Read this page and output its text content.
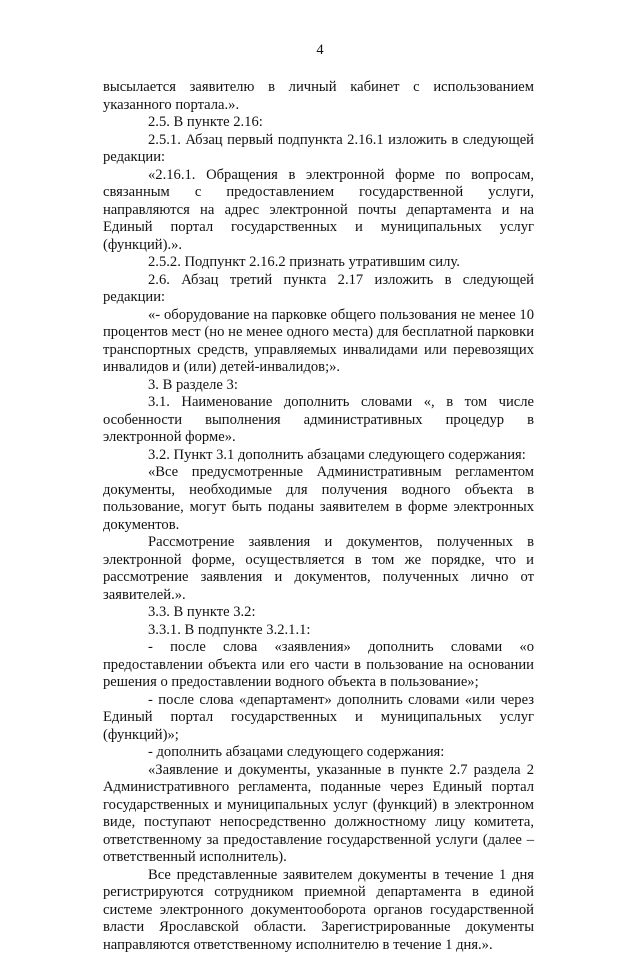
4

высылается заявителю в личный кабинет с использованием указанного портала.».

2.5. В пункте 2.16:

2.5.1. Абзац первый подпункта 2.16.1 изложить в следующей редакции:

«2.16.1. Обращения в электронной форме по вопросам, связанным с предоставлением государственной услуги, направляются на адрес электронной почты департамента и на Единый портал государственных и муниципальных услуг (функций).».

2.5.2. Подпункт 2.16.2 признать утратившим силу.

2.6. Абзац третий пункта 2.17 изложить в следующей редакции:

«- оборудование на парковке общего пользования не менее 10 процентов мест (но не менее одного места) для бесплатной парковки транспортных средств, управляемых инвалидами или перевозящих инвалидов и (или) детей-инвалидов;».

3. В разделе 3:

3.1. Наименование дополнить словами «, в том числе особенности выполнения административных процедур в электронной форме».

3.2. Пункт 3.1 дополнить абзацами следующего содержания:

«Все предусмотренные Административным регламентом документы, необходимые для получения водного объекта в пользование, могут быть поданы заявителем в форме электронных документов.

Рассмотрение заявления и документов, полученных в электронной форме, осуществляется в том же порядке, что и рассмотрение заявления и документов, полученных лично от заявителей.».

3.3. В пункте 3.2:

3.3.1. В подпункте 3.2.1.1:

- после слова «заявления» дополнить словами «о предоставлении объекта или его части в пользование на основании решения о предоставлении водного объекта в пользование»;

- после слова «департамент» дополнить словами «или через Единый портал государственных и муниципальных услуг (функций)»;

- дополнить абзацами следующего содержания:

«Заявление и документы, указанные в пункте 2.7 раздела 2 Административного регламента, поданные через Единый портал государственных и муниципальных услуг (функций) в электронном виде, поступают непосредственно должностному лицу комитета, ответственному за предоставление государственной услуги (далее – ответственный исполнитель).

Все представленные заявителем документы в течение 1 дня регистрируются сотрудником приемной департамента в единой системе электронного документооборота органов государственной власти Ярославской области. Зарегистрированные документы направляются ответственному исполнителю в течение 1 дня.».
